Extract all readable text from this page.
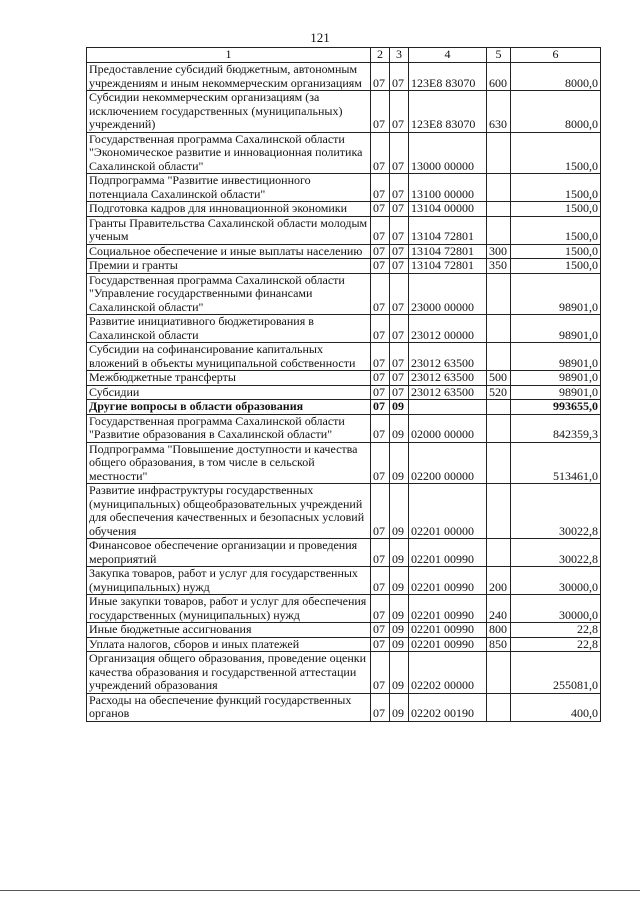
121
1	2	3	4	5	6
Предоставление субсидий бюджетным, автономным учреждениям и иным некоммерческим организациям	07	07	123E8 83070	600	8000,0
Субсидии некоммерческим организациям (за исключением государственных (муниципальных) учреждений)	07	07	123E8 83070	630	8000,0
Государственная программа Сахалинской области "Экономическое развитие и инновационная политика Сахалинской области"	07	07	13000 00000		1500,0
Подпрограмма "Развитие инвестиционного потенциала Сахалинской области"	07	07	13100 00000		1500,0
Подготовка кадров для инновационной экономики	07	07	13104 00000		1500,0
Гранты Правительства Сахалинской области молодым ученым	07	07	13104 72801		1500,0
Социальное обеспечение и иные выплаты населению	07	07	13104 72801	300	1500,0
Премии и гранты	07	07	13104 72801	350	1500,0
Государственная программа Сахалинской области "Управление государственными финансами Сахалинской области"	07	07	23000 00000		98901,0
Развитие инициативного бюджетирования в Сахалинской области	07	07	23012 00000		98901,0
Субсидии на софинансирование капитальных вложений в объекты муниципальной собственности	07	07	23012 63500		98901,0
Межбюджетные трансферты	07	07	23012 63500	500	98901,0
Субсидии	07	07	23012 63500	520	98901,0
Другие вопросы в области образования	07	09			993655,0
Государственная программа Сахалинской области "Развитие образования в Сахалинской области"	07	09	02000 00000		842359,3
Подпрограмма "Повышение доступности и качества общего образования, в том числе в сельской местности"	07	09	02200 00000		513461,0
Развитие инфраструктуры государственных (муниципальных) общеобразовательных учреждений для обеспечения качественных и безопасных условий обучения	07	09	02201 00000		30022,8
Финансовое обеспечение организации и проведения мероприятий	07	09	02201 00990		30022,8
Закупка товаров, работ и услуг для государственных (муниципальных) нужд	07	09	02201 00990	200	30000,0
Иные закупки товаров, работ и услуг для обеспечения государственных (муниципальных) нужд	07	09	02201 00990	240	30000,0
Иные бюджетные ассигнования	07	09	02201 00990	800	22,8
Уплата налогов, сборов и иных платежей	07	09	02201 00990	850	22,8
Организация общего образования, проведение оценки качества образования и государственной аттестации учреждений образования	07	09	02202 00000		255081,0
Расходы на обеспечение функций государственных органов	07	09	02202 00190		400,0
